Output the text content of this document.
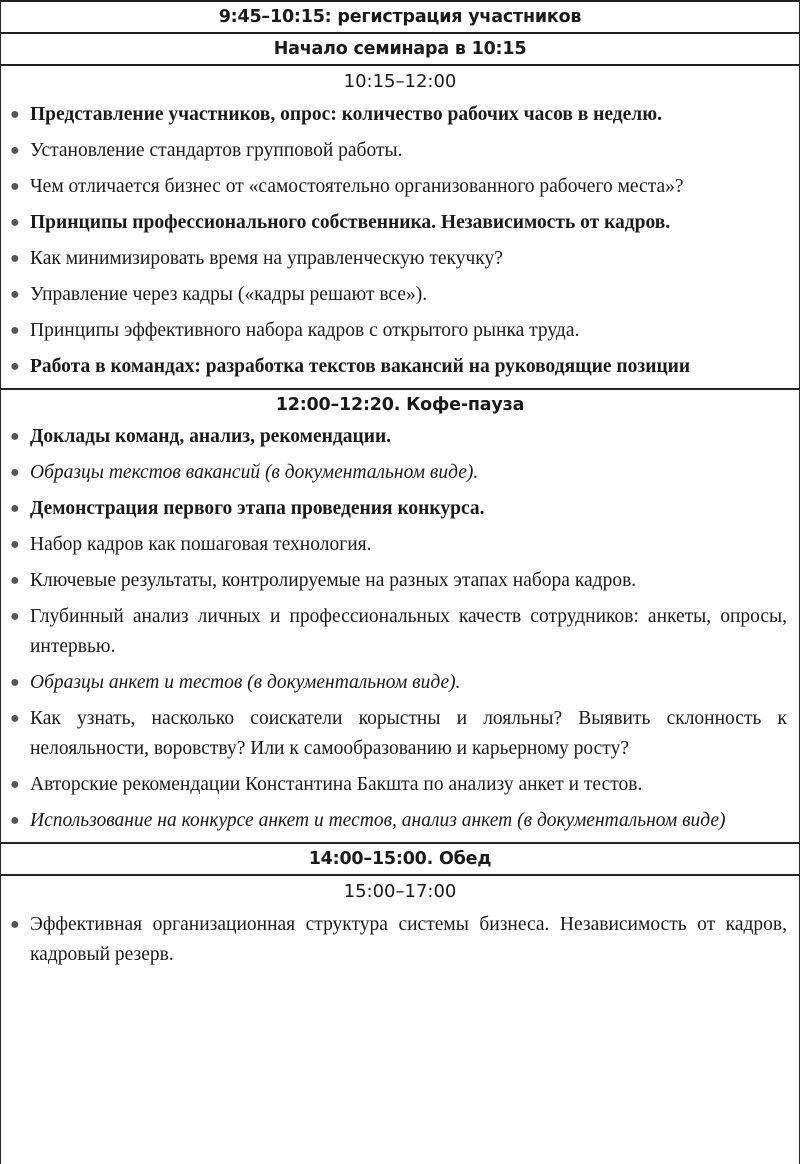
9:45–10:15: регистрация участников
Начало семинара в 10:15
10:15–12:00
● Представление участников, опрос: количество рабочих часов в неделю.
● Установление стандартов групповой работы.
● Чем отличается бизнес от «самостоятельно организованного рабочего места»?
● Принципы профессионального собственника. Независимость от кадров.
● Как минимизировать время на управленческую текучку?
● Управление через кадры («кадры решают все»).
● Принципы эффективного набора кадров с открытого рынка труда.
● Работа в командах: разработка текстов вакансий на руководящие позиции
12:00–12:20. Кофе-пауза
● Доклады команд, анализ, рекомендации.
● Образцы текстов вакансий (в документальном виде).
● Демонстрация первого этапа проведения конкурса.
● Набор кадров как пошаговая технология.
● Ключевые результаты, контролируемые на разных этапах набора кадров.
● Глубинный анализ личных и профессиональных качеств сотрудников: анкеты, опросы, интервью.
● Образцы анкет и тестов (в документальном виде).
● Как узнать, насколько соискатели корыстны и лояльны? Выявить склонность к нелояльности, воровству? Или к самообразованию и карьерному росту?
● Авторские рекомендации Константина Бакшта по анализу анкет и тестов.
● Использование на конкурсе анкет и тестов, анализ анкет (в документальном виде)
14:00–15:00. Обед
15:00–17:00
● Эффективная организационная структура системы бизнеса. Независимость от кадров, кадровый резерв.
